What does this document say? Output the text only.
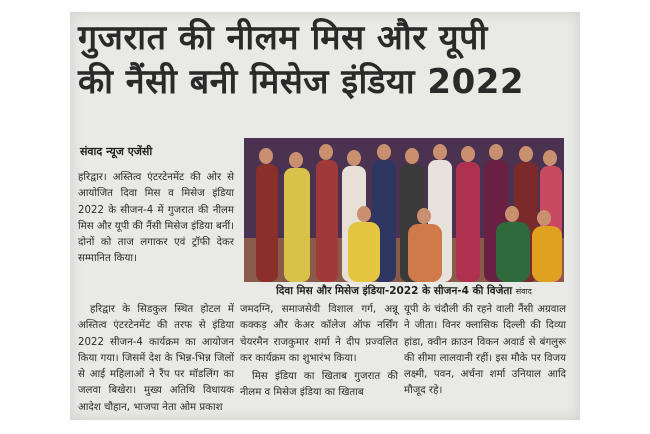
गुजरात की नीलम मिस और यूपी
की नैंसी बनी मिसेज इंडिया 2022
संवाद न्यूज एजेंसी

हरिद्वार। अस्तित्व एंटरटेनमेंट की ओर से आयोजित दिवा मिस व मिसेज इंडिया 2022 के सीजन-4 में गुजरात की नीलम मिस और यूपी की नैंसी मिसेज इंडिया बनीं। दोनों को ताज लगाकर एवं ट्रॉफी देकर सम्मानित किया।

दिवा मिस और मिसेज इंडिया-2022 के सीजन-4 की विजेता संवाद

हरिद्वार के सिडकुल स्थित होटल में अस्तित्व एंटरटेनमेंट की तरफ से इंडिया 2022 सीजन-4 कार्यक्रम का आयोजन किया गया। जिसमें देश के भिन्न-भिन्न जिलों से आई महिलाओं ने रैंप पर मॉडलिंग का जलवा बिखेरा। मुख्य अतिथि विधायक आदेश चौहान, भाजपा नेता ओम प्रकाश

जमदग्नि, समाजसेवी विशाल गर्ग, अन्नू कक्कड़ और केअर कॉलेज ऑफ नर्सिंग चेयरमैन राजकुमार शर्मा ने दीप प्रज्वलित कर कार्यक्रम का शुभारंभ किया।

मिस इंडिया का खिताब गुजरात की नीलम व मिसेज इंडिया का खिताब

यूपी के चंदौली की रहने वाली नैंसी अग्रवाल ने जीता। विनर क्लासिक दिल्ली की दिव्या हांडा, क्वीन क्राउन विकन अवार्ड से बंगलुरू की सीमा लालवानी रहीं। इस मौके पर विजय लक्ष्मी, पवन, अर्चना शर्मा उनियाल आदि मौजूद रहे।
